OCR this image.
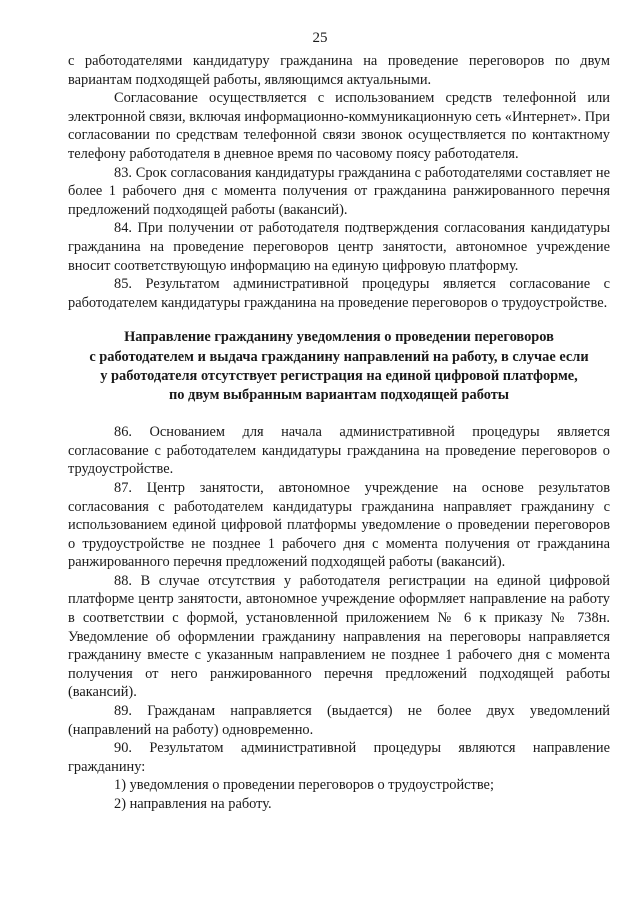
25

с работодателями кандидатуру гражданина на проведение переговоров по двум вариантам подходящей работы, являющимся актуальными.

Согласование осуществляется с использованием средств телефонной или электронной связи, включая информационно-коммуникационную сеть «Интернет». При согласовании по средствам телефонной связи звонок осуществляется по контактному телефону работодателя в дневное время по часовому поясу работодателя.

83. Срок согласования кандидатуры гражданина с работодателями составляет не более 1 рабочего дня с момента получения от гражданина ранжированного перечня предложений подходящей работы (вакансий).

84. При получении от работодателя подтверждения согласования кандидатуры гражданина на проведение переговоров центр занятости, автономное учреждение вносит соответствующую информацию на единую цифровую платформу.

85. Результатом административной процедуры является согласование с работодателем кандидатуры гражданина на проведение переговоров о трудоустройстве.

Направление гражданину уведомления о проведении переговоров
с работодателем и выдача гражданину направлений на работу, в случае если
у работодателя отсутствует регистрация на единой цифровой платформе,
по двум выбранным вариантам подходящей работы

86. Основанием для начала административной процедуры является согласование с работодателем кандидатуры гражданина на проведение переговоров о трудоустройстве.

87. Центр занятости, автономное учреждение на основе результатов согласования с работодателем кандидатуры гражданина направляет гражданину с использованием единой цифровой платформы уведомление о проведении переговоров о трудоустройстве не позднее 1 рабочего дня с момента получения от гражданина ранжированного перечня предложений подходящей работы (вакансий).

88. В случае отсутствия у работодателя регистрации на единой цифровой платформе центр занятости, автономное учреждение оформляет направление на работу в соответствии с формой, установленной приложением № 6 к приказу № 738н. Уведомление об оформлении гражданину направления на переговоры направляется гражданину вместе с указанным направлением не позднее 1 рабочего дня с момента получения от него ранжированного перечня предложений подходящей работы (вакансий).

89. Гражданам направляется (выдается) не более двух уведомлений (направлений на работу) одновременно.

90. Результатом административной процедуры являются направление гражданину:

1) уведомления о проведении переговоров о трудоустройстве;

2) направления на работу.
